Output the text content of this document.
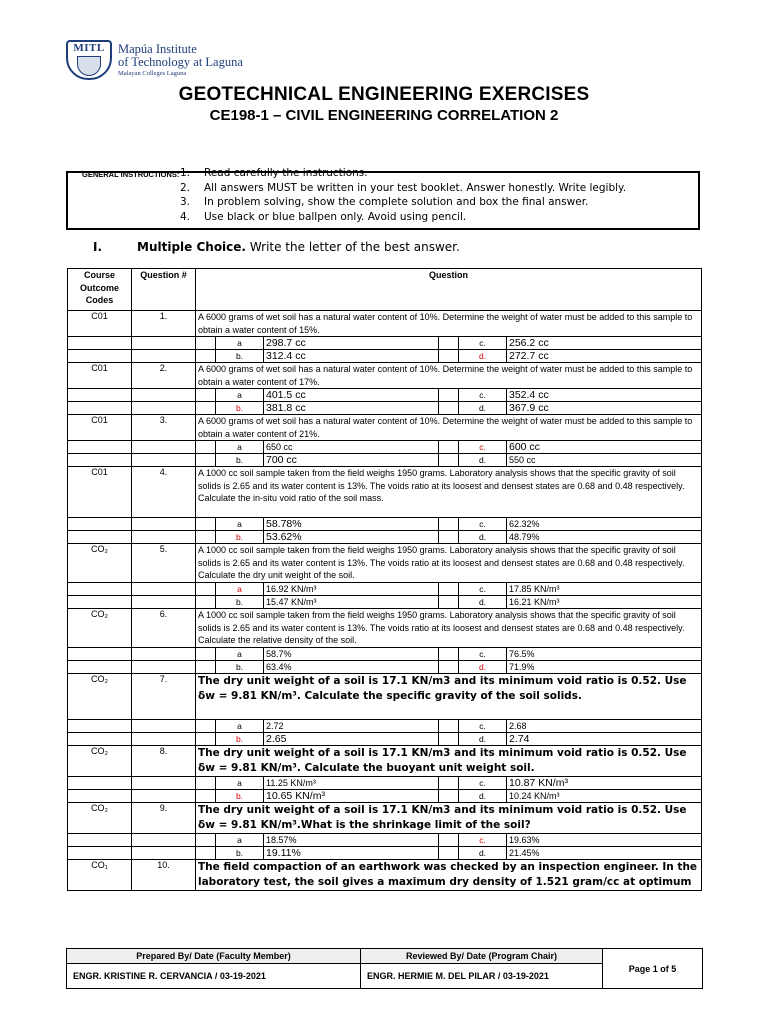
MITL	Mapúa Institute
of Technology at Laguna
Malayan Colleges Laguna
GEOTECHNICAL ENGINEERING EXERCISES
CE198-1 – CIVIL ENGINEERING CORRELATION 2
GENERAL INSTRUCTIONS: 1.	Read carefully the instructions.
2.	All answers MUST be written in your test booklet. Answer honestly. Write legibly.
3.	In problem solving, show the complete solution and box the final answer.
4.	Use black or blue ballpen only. Avoid using pencil.
I.	Multiple Choice. Write the letter of the best answer.
Course Outcome Codes	Question #	Question					
C01	1.	A 6000 grams of wet soil has a natural water content of 10%. Determine the weight of water must be added to this sample to obtain a water content of 15%.					
			a	298.7 cc		c.	256.2 cc
			b.	312.4 cc		d.	272.7 cc
C01	2.	A 6000 grams of wet soil has a natural water content of 10%. Determine the weight of water must be added to this sample to obtain a water content of 17%.					
			a	401.5 cc		c.	352.4 cc
			b.	381.8 cc		d.	367.9 cc
C01	3.	A 6000 grams of wet soil has a natural water content of 10%. Determine the weight of water must be added to this sample to obtain a water content of 21%.					
			a	650 cc		c.	600 cc
			b.	700 cc		d.	550 cc
C01	4.	A 1000 cc soil sample taken from the field weighs 1950 grams. Laboratory analysis shows that the specific gravity of soil solids is 2.65 and its water content is 13%. The voids ratio at its loosest and densest states are 0.68 and 0.48 respectively. Calculate the in-situ void ratio of the soil mass.					
			a	58.78%		c.	62.32%
			b.	53.62%		d.	48.79%
CO₂	5.	A 1000 cc soil sample taken from the field weighs 1950 grams. Laboratory analysis shows that the specific gravity of soil solids is 2.65 and its water content is 13%. The voids ratio at its loosest and densest states are 0.68 and 0.48 respectively. Calculate the dry unit weight of the soil.					
			a	16.92 KN/m³		c.	17.85 KN/m³
			b.	15.47 KN/m³		d.	16.21 KN/m³
CO₂	6.	A 1000 cc soil sample taken from the field weighs 1950 grams. Laboratory analysis shows that the specific gravity of soil solids is 2.65 and its water content is 13%. The voids ratio at its loosest and densest states are 0.68 and 0.48 respectively. Calculate the relative density of the soil.					
			a	58.7%		c.	76.5%
			b.	63.4%		d.	71.9%
CO₂	7.	The dry unit weight of a soil is 17.1 KN/m3 and its minimum void ratio is 0.52. Use δw = 9.81 KN/m³. Calculate the specific gravity of the soil solids.					
			a	2.72		c.	2.68
			b.	2.65		d.	2.74
CO₂	8.	The dry unit weight of a soil is 17.1 KN/m3 and its minimum void ratio is 0.52. Use δw = 9.81 KN/m³. Calculate the buoyant unit weight soil.					
			a	11.25 KN/m³		c.	10.87 KN/m³
			b.	10.65 KN/m³		d.	10.24 KN/m³
CO₂	9.	The dry unit weight of a soil is 17.1 KN/m3 and its minimum void ratio is 0.52. Use δw = 9.81 KN/m³.What is the shrinkage limit of the soil?					
			a	18.57%		c.	19.63%
			b.	19.11%		d.	21.45%
CO₁	10.	The field compaction of an earthwork was checked by an inspection engineer. In the laboratory test, the soil gives a maximum dry density of 1.521 gram/cc at optimum					
Prepared By/ Date (Faculty Member)	Reviewed By/ Date (Program Chair)	Page 1 of 5
ENGR. KRISTINE R. CERVANCIA / 03-19-2021	ENGR. HERMIE M. DEL PILAR / 03-19-2021	
